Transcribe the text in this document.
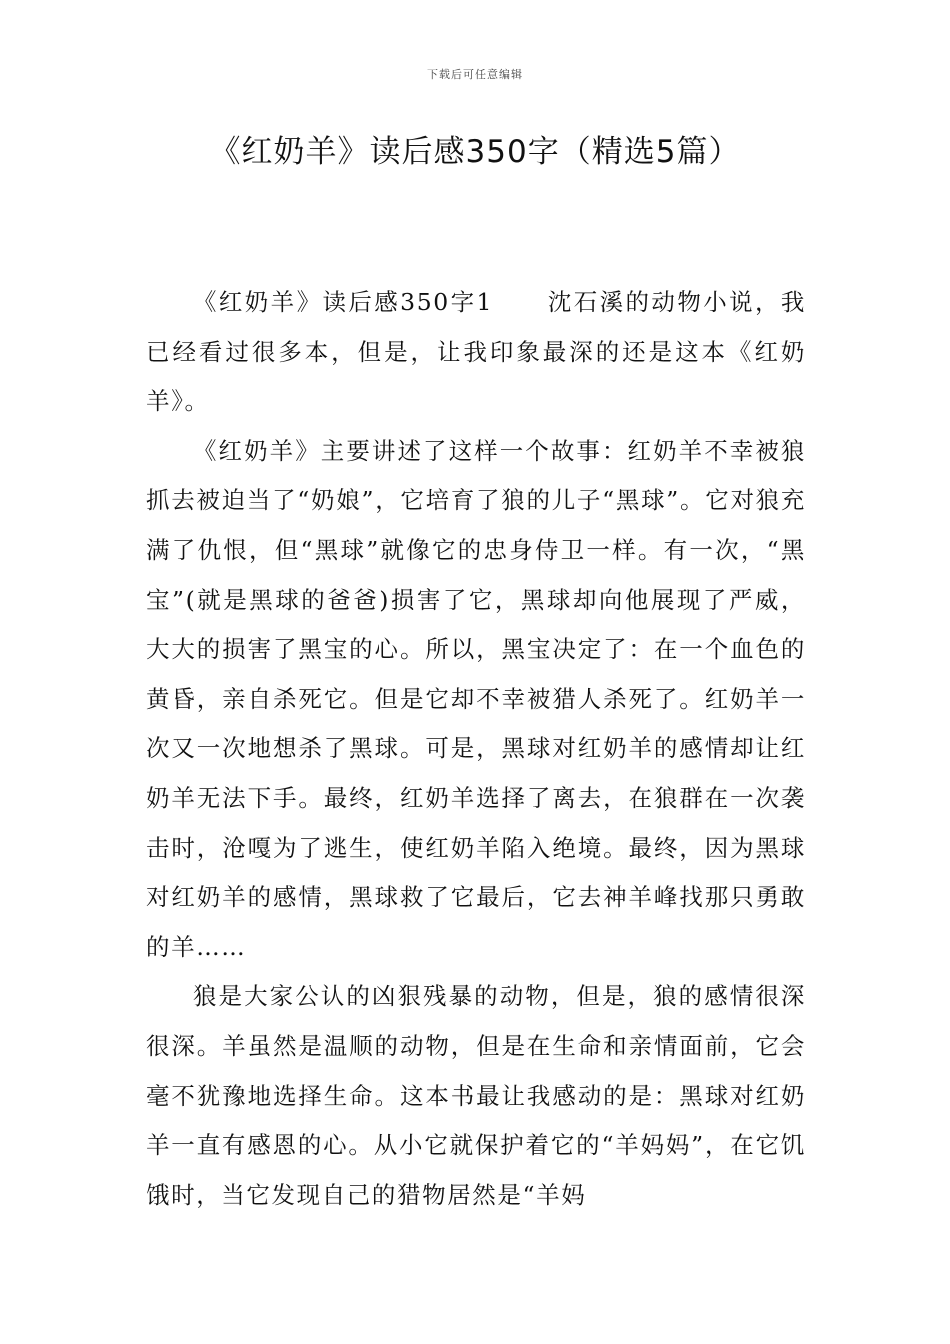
下载后可任意编辑
《红奶羊》读后感350字（精选5篇）

《红奶羊》读后感350字1 沈石溪的动物小说，我已经看过很多本，但是，让我印象最深的还是这本《红奶羊》。

《红奶羊》主要讲述了这样一个故事：红奶羊不幸被狼抓去被迫当了“奶娘”，它培育了狼的儿子“黑球”。它对狼充满了仇恨，但“黑球”就像它的忠身侍卫一样。有一次，“黑宝”(就是黑球的爸爸)损害了它，黑球却向他展现了严威，大大的损害了黑宝的心。所以，黑宝决定了：在一个血色的黄昏，亲自杀死它。但是它却不幸被猎人杀死了。红奶羊一次又一次地想杀了黑球。可是，黑球对红奶羊的感情却让红奶羊无法下手。最终，红奶羊选择了离去，在狼群在一次袭击时，沧嘎为了逃生，使红奶羊陷入绝境。最终，因为黑球对红奶羊的感情，黑球救了它最后，它去神羊峰找那只勇敢的羊……

狼是大家公认的凶狠残暴的动物，但是，狼的感情很深很深。羊虽然是温顺的动物，但是在生命和亲情面前，它会毫不犹豫地选择生命。这本书最让我感动的是：黑球对红奶羊一直有感恩的心。从小它就保护着它的“羊妈妈”，在它饥饿时，当它发现自己的猎物居然是“羊妈
